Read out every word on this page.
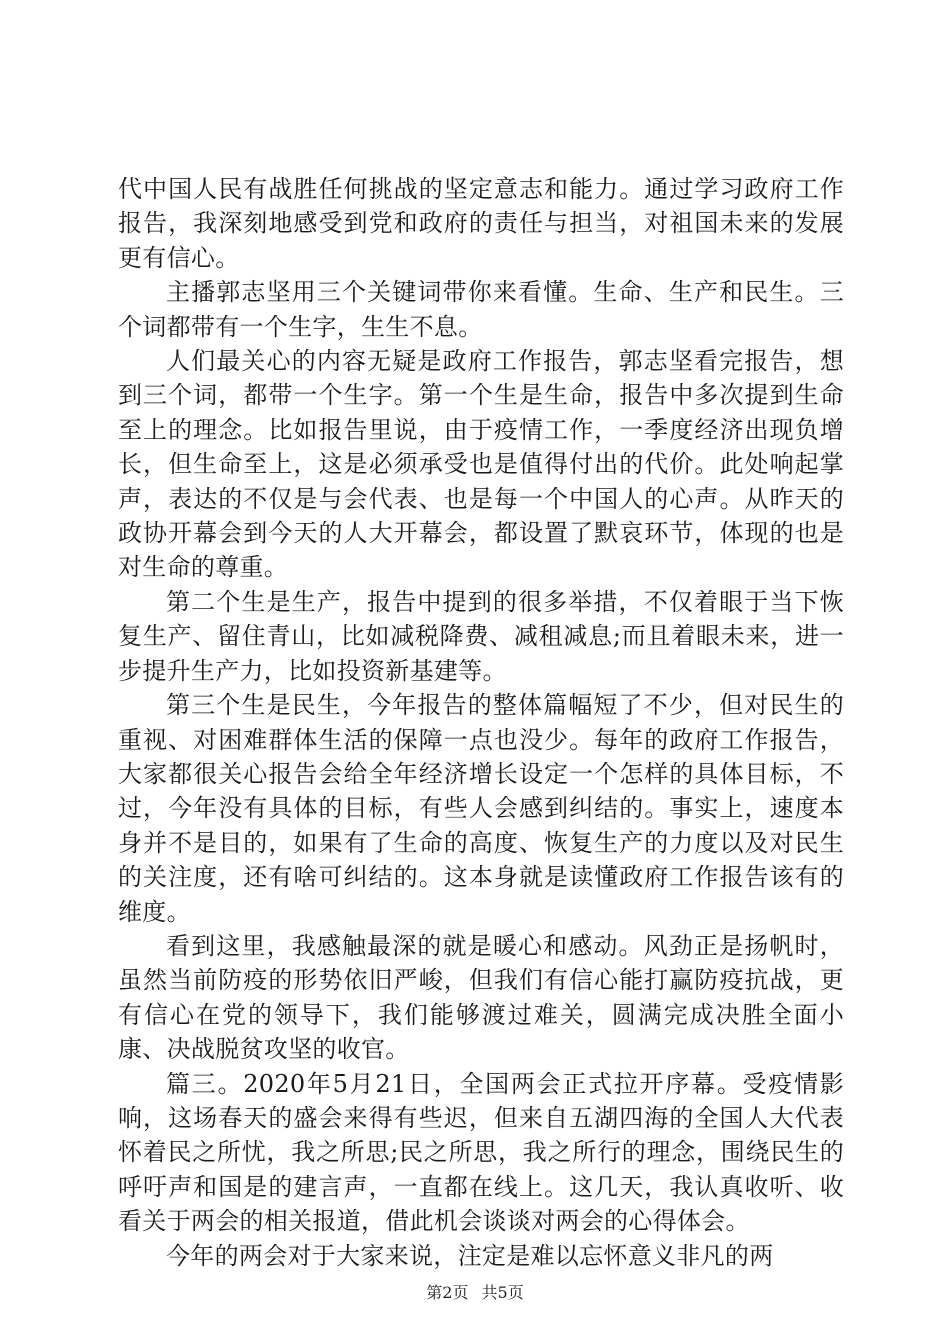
代中国人民有战胜任何挑战的坚定意志和能力。通过学习政府工作报告，我深刻地感受到党和政府的责任与担当，对祖国未来的发展更有信心。

主播郭志坚用三个关键词带你来看懂。生命、生产和民生。三个词都带有一个生字，生生不息。

人们最关心的内容无疑是政府工作报告，郭志坚看完报告，想到三个词，都带一个生字。第一个生是生命，报告中多次提到生命至上的理念。比如报告里说，由于疫情工作，一季度经济出现负增长，但生命至上，这是必须承受也是值得付出的代价。此处响起掌声，表达的不仅是与会代表、也是每一个中国人的心声。从昨天的政协开幕会到今天的人大开幕会，都设置了默哀环节，体现的也是对生命的尊重。

第二个生是生产，报告中提到的很多举措，不仅着眼于当下恢复生产、留住青山，比如减税降费、减租减息;而且着眼未来，进一步提升生产力，比如投资新基建等。

第三个生是民生，今年报告的整体篇幅短了不少，但对民生的重视、对困难群体生活的保障一点也没少。每年的政府工作报告，大家都很关心报告会给全年经济增长设定一个怎样的具体目标，不过，今年没有具体的目标，有些人会感到纠结的。事实上，速度本身并不是目的，如果有了生命的高度、恢复生产的力度以及对民生的关注度，还有啥可纠结的。这本身就是读懂政府工作报告该有的维度。

看到这里，我感触最深的就是暖心和感动。风劲正是扬帆时，虽然当前防疫的形势依旧严峻，但我们有信心能打赢防疫抗战，更有信心在党的领导下，我们能够渡过难关，圆满完成决胜全面小康、决战脱贫攻坚的收官。

篇三。2020年5月21日，全国两会正式拉开序幕。受疫情影响，这场春天的盛会来得有些迟，但来自五湖四海的全国人大代表怀着民之所忧，我之所思;民之所思，我之所行的理念，围绕民生的呼吁声和国是的建言声，一直都在线上。这几天，我认真收听、收看关于两会的相关报道，借此机会谈谈对两会的心得体会。

今年的两会对于大家来说，注定是难以忘怀意义非凡的两

第2页 共5页
